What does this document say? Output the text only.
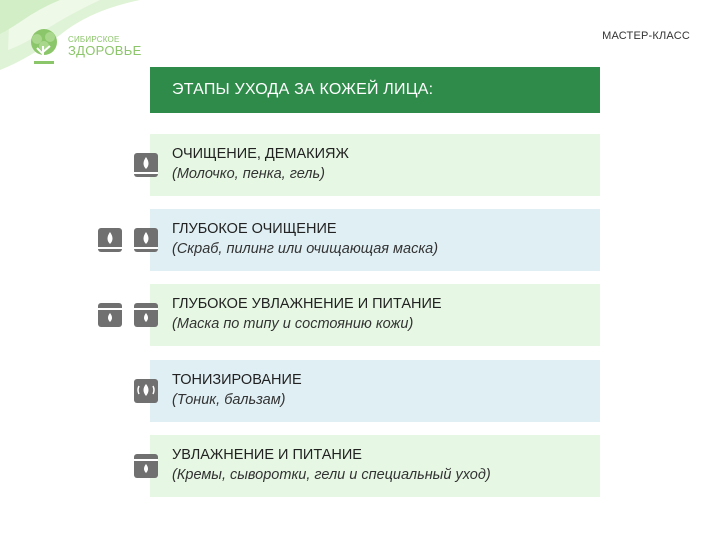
СИБИРСКОЕ
ЗДОРОВЬЕ
МАСТЕР-КЛАСС
ЭТАПЫ УХОДА ЗА КОЖЕЙ ЛИЦА:
ОЧИЩЕНИЕ, ДЕМАКИЯЖ
(Молочко, пенка, гель)
ГЛУБОКОЕ ОЧИЩЕНИЕ
(Скраб, пилинг или очищающая маска)
ГЛУБОКОЕ УВЛАЖНЕНИЕ И ПИТАНИЕ
(Маска по типу и состоянию кожи)
ТОНИЗИРОВАНИЕ
(Тоник, бальзам)
УВЛАЖНЕНИЕ И ПИТАНИЕ
(Кремы, сыворотки, гели и специальный уход)
